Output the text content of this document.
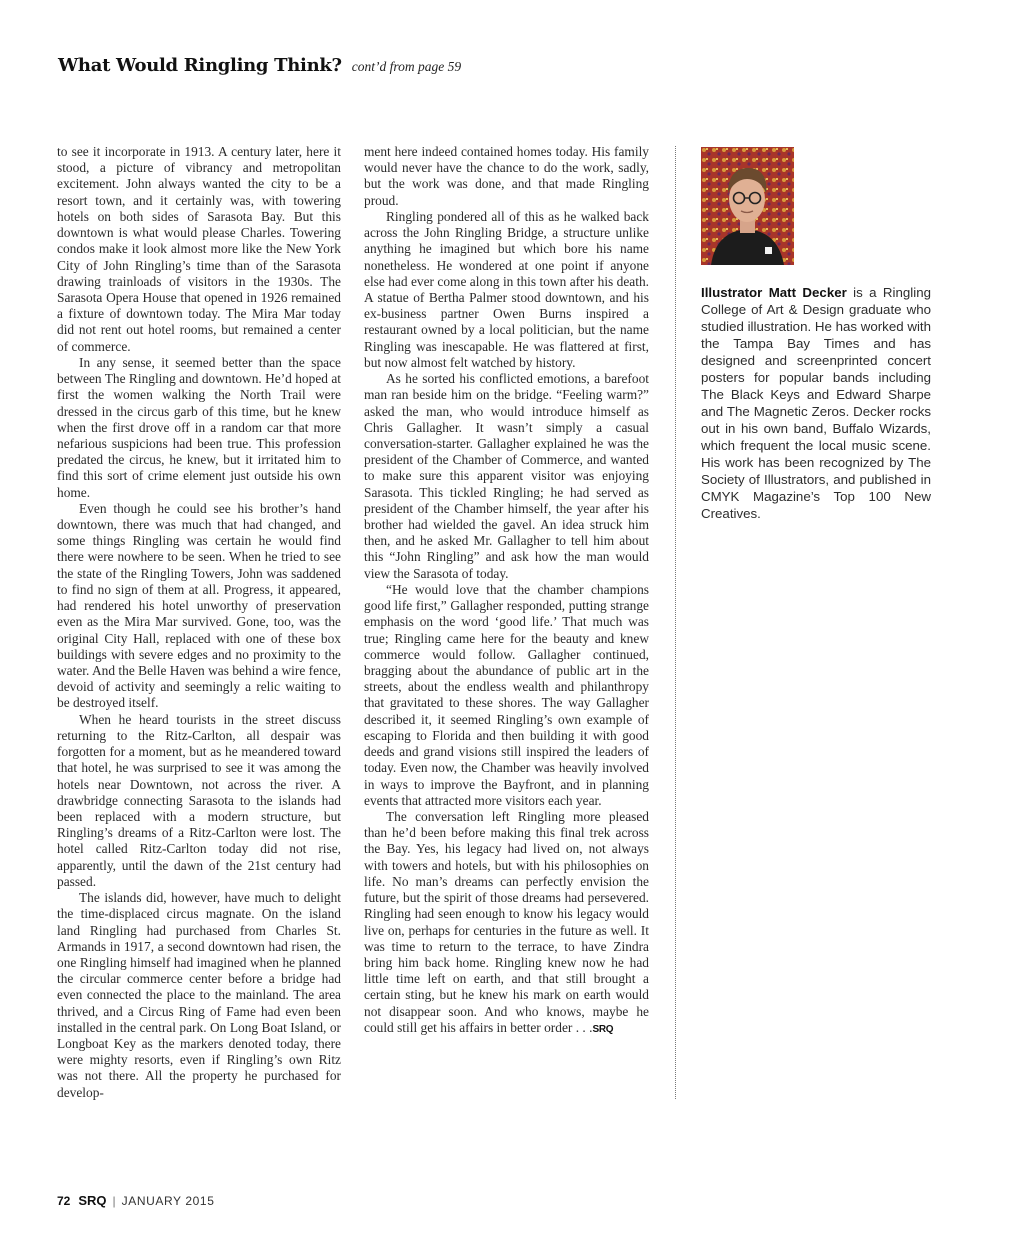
What Would Ringling Think? cont’d from page 59

to see it incorporate in 1913. A century later, here it stood, a picture of vibrancy and metropolitan excitement. John always wanted the city to be a resort town, and it certainly was, with towering hotels on both sides of Sarasota Bay. But this downtown is what would please Charles. Towering condos make it look almost more like the New York City of John Ringling’s time than of the Sarasota drawing trainloads of visitors in the 1930s. The Sarasota Opera House that opened in 1926 remained a fixture of downtown today. The Mira Mar today did not rent out hotel rooms, but remained a center of commerce.

In any sense, it seemed better than the space between The Ringling and downtown. He’d hoped at first the women walking the North Trail were dressed in the circus garb of this time, but he knew when the first drove off in a random car that more nefarious suspicions had been true. This profession predated the circus, he knew, but it irritated him to find this sort of crime element just outside his own home.

Even though he could see his brother’s hand downtown, there was much that had changed, and some things Ringling was certain he would find there were nowhere to be seen. When he tried to see the state of the Ringling Towers, John was saddened to find no sign of them at all. Progress, it appeared, had rendered his hotel unworthy of preservation even as the Mira Mar survived. Gone, too, was the original City Hall, replaced with one of these box buildings with severe edges and no proximity to the water. And the Belle Haven was behind a wire fence, devoid of activity and seemingly a relic waiting to be destroyed itself.

When he heard tourists in the street discuss returning to the Ritz-Carlton, all despair was forgotten for a moment, but as he meandered toward that hotel, he was surprised to see it was among the hotels near Downtown, not across the river. A drawbridge connecting Sarasota to the islands had been replaced with a modern structure, but Ringling’s dreams of a Ritz-Carlton were lost. The hotel called Ritz-Carlton today did not rise, apparently, until the dawn of the 21st century had passed.

The islands did, however, have much to delight the time-displaced circus magnate. On the island land Ringling had purchased from Charles St. Armands in 1917, a second downtown had risen, the one Ringling himself had imagined when he planned the circular commerce center before a bridge had even connected the place to the mainland. The area thrived, and a Circus Ring of Fame had even been installed in the central park. On Long Boat Island, or Longboat Key as the markers denoted today, there were mighty resorts, even if Ringling’s own Ritz was not there. All the property he purchased for develop-

ment here indeed contained homes today. His family would never have the chance to do the work, sadly, but the work was done, and that made Ringling proud.

Ringling pondered all of this as he walked back across the John Ringling Bridge, a structure unlike anything he imagined but which bore his name nonetheless. He wondered at one point if anyone else had ever come along in this town after his death. A statue of Bertha Palmer stood downtown, and his ex-business partner Owen Burns inspired a restaurant owned by a local politician, but the name Ringling was inescapable. He was flattered at first, but now almost felt watched by history.

As he sorted his conflicted emotions, a barefoot man ran beside him on the bridge. “Feeling warm?” asked the man, who would introduce himself as Chris Gallagher. It wasn’t simply a casual conversation-starter. Gallagher explained he was the president of the Chamber of Commerce, and wanted to make sure this apparent visitor was enjoying Sarasota. This tickled Ringling; he had served as president of the Chamber himself, the year after his brother had wielded the gavel. An idea struck him then, and he asked Mr. Gallagher to tell him about this “John Ringling” and ask how the man would view the Sarasota of today.

“He would love that the chamber champions good life first,” Gallagher responded, putting strange emphasis on the word ‘good life.’ That much was true; Ringling came here for the beauty and knew commerce would follow. Gallagher continued, bragging about the abundance of public art in the streets, about the endless wealth and philanthropy that gravitated to these shores. The way Gallagher described it, it seemed Ringling’s own example of escaping to Florida and then building it with good deeds and grand visions still inspired the leaders of today. Even now, the Chamber was heavily involved in ways to improve the Bayfront, and in planning events that attracted more visitors each year.

The conversation left Ringling more pleased than he’d been before making this final trek across the Bay. Yes, his legacy had lived on, not always with towers and hotels, but with his philosophies on life. No man’s dreams can perfectly envision the future, but the spirit of those dreams had persevered. Ringling had seen enough to know his legacy would live on, perhaps for centuries in the future as well. It was time to return to the terrace, to have Zindra bring him back home. Ringling knew now he had little time left on earth, and that still brought a certain sting, but he knew his mark on earth would not disappear soon. And who knows, maybe he could still get his affairs in better order . . .SRQ

Illustrator Matt Decker is a Ringling College of Art & Design graduate who studied illustration. He has worked with the Tampa Bay Times and has designed and screenprinted concert posters for popular bands including The Black Keys and Edward Sharpe and The Magnetic Zeros. Decker rocks out in his own band, Buffalo Wizards, which frequent the local music scene. His work has been recognized by The Society of Illustrators, and published in CMYK Magazine’s Top 100 New Creatives.
72 SRQ | JANUARY 2015
